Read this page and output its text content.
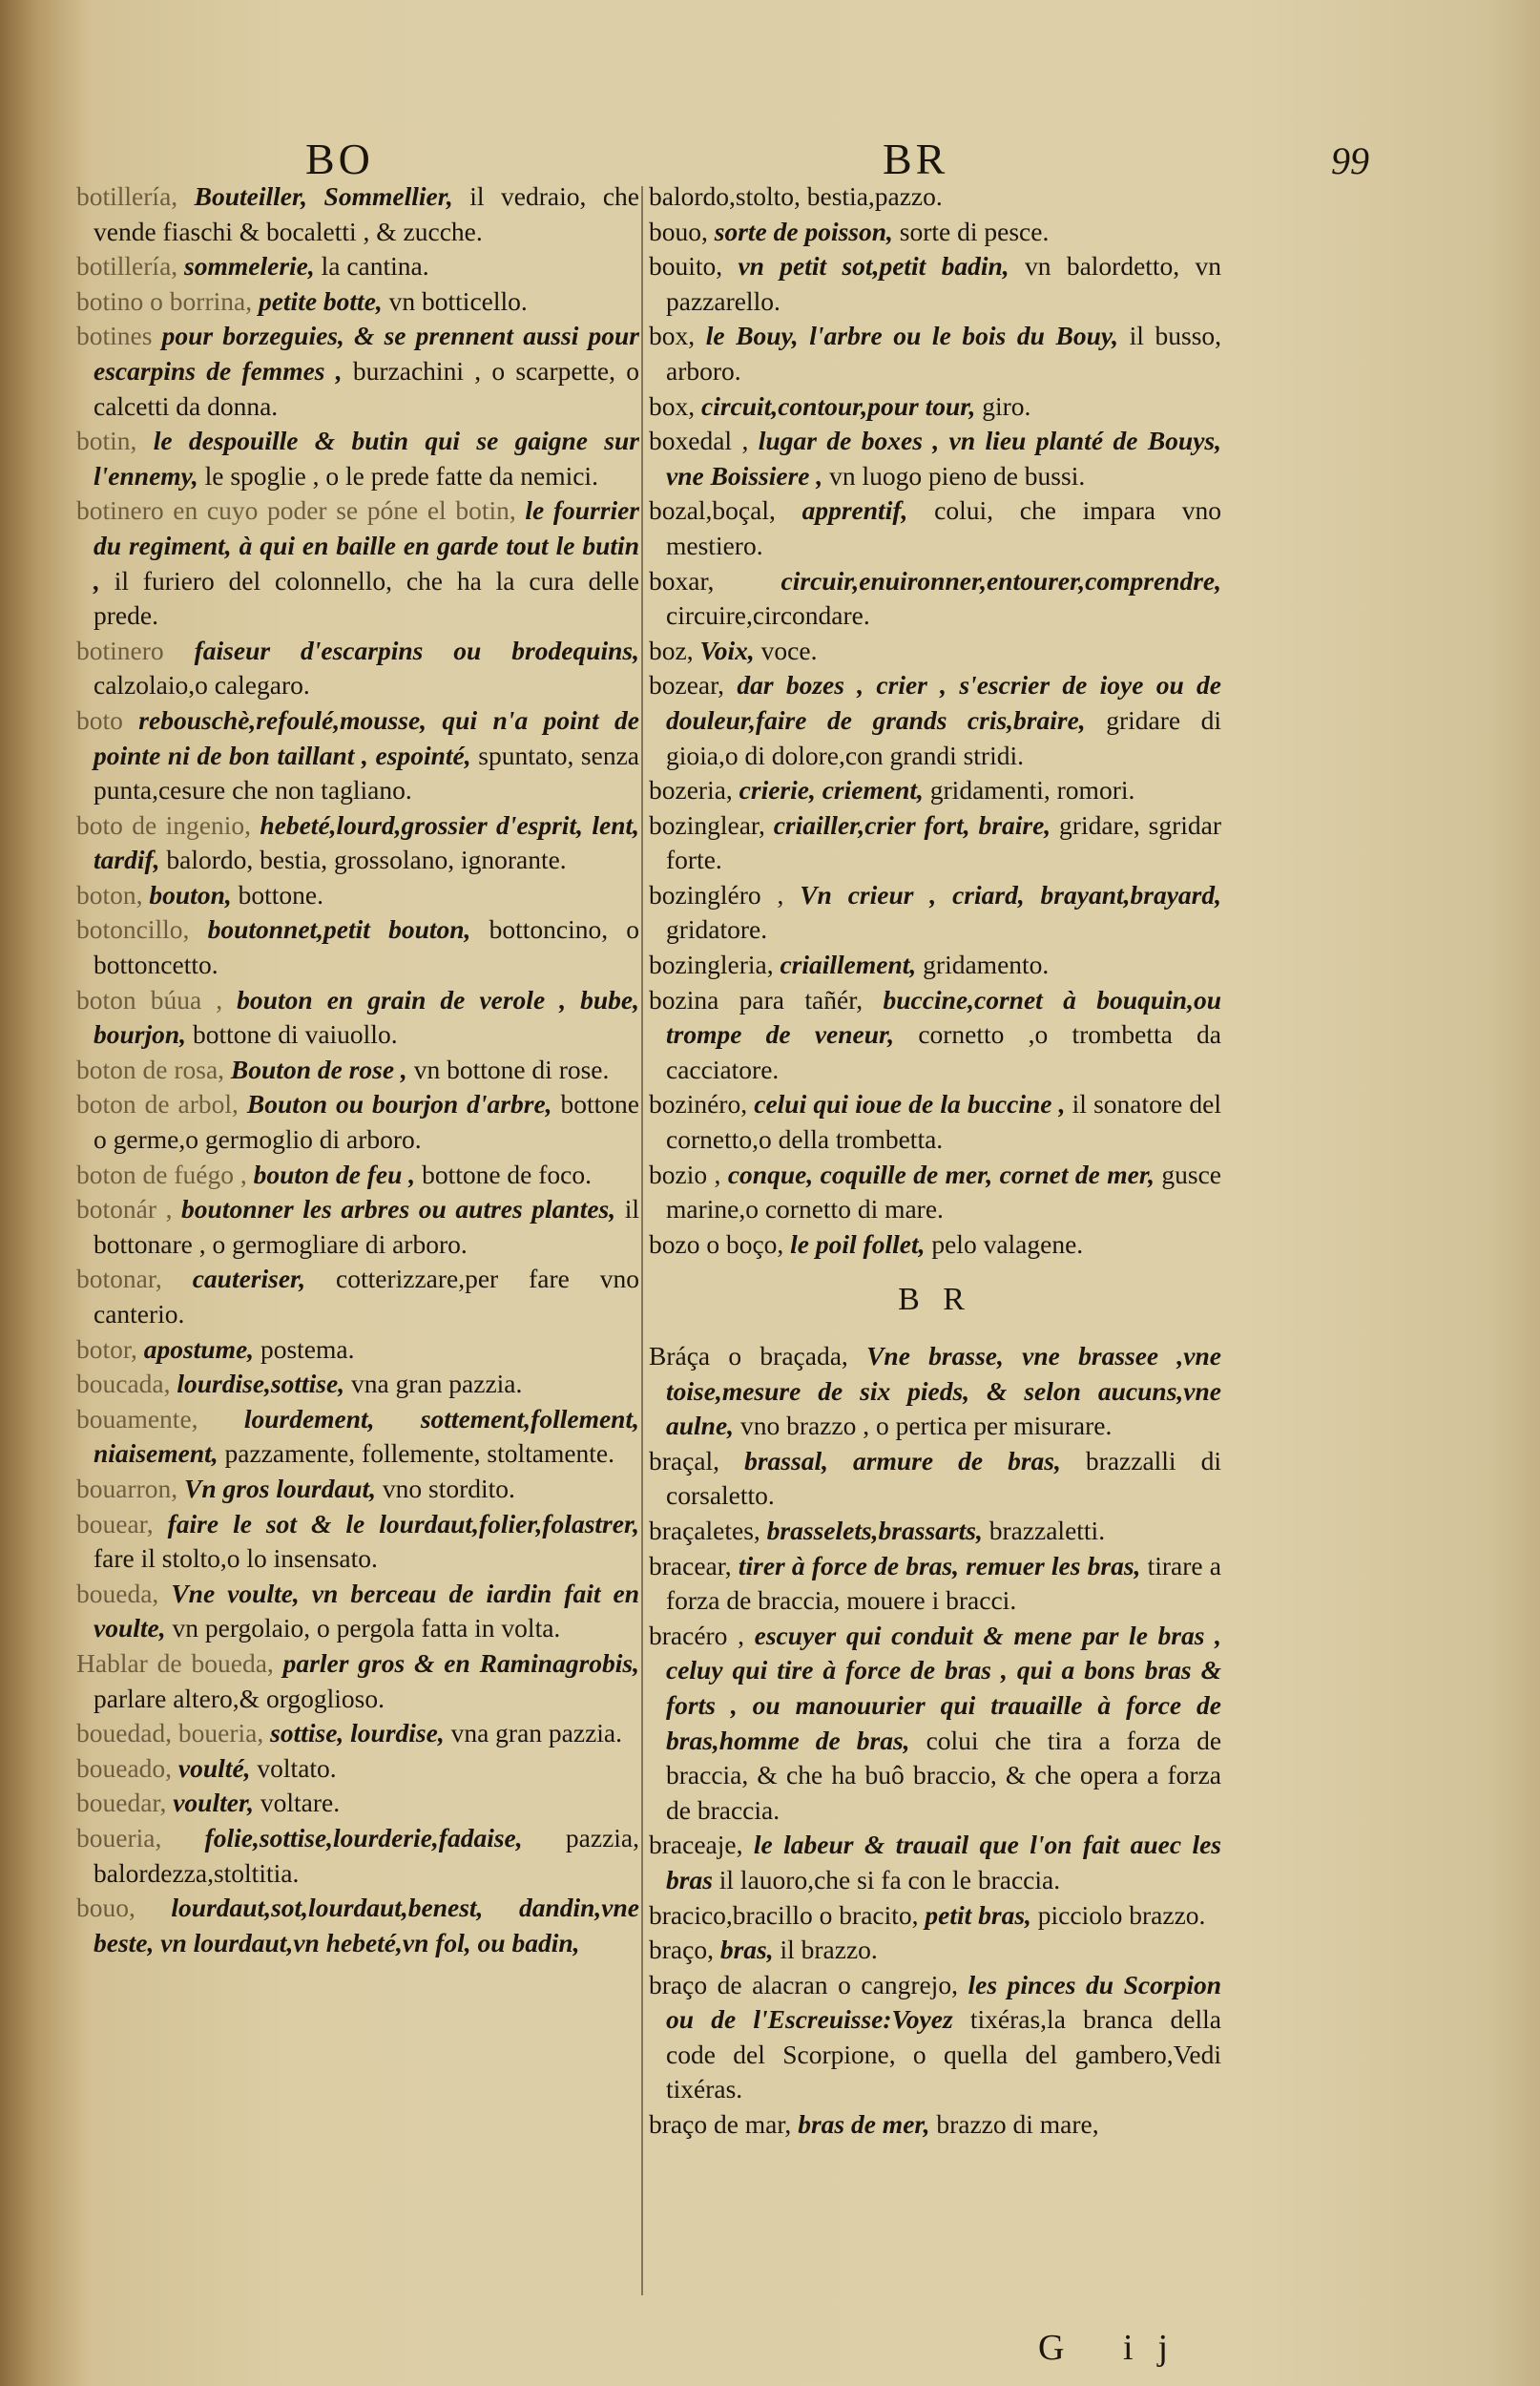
BO	BR	99
botillería, Bouteiller, Sommellier, il vedraio, che vende fiaschi & bocaletti , & zucche.
botillería, sommelerie, la cantina.
botino o borrina, petite botte, vn botticello.
botines pour borzeguies, & se prennent aussi pour escarpins de femmes , burzachini , o scarpette, o calcetti da donna.
botin, le despouille & butin qui se gaigne sur l'ennemy, le spoglie , o le prede fatte da nemici.
botinero en cuyo poder se póne el botin, le fourrier du regiment, à qui en baille en garde tout le butin , il furiero del colonnello, che ha la cura delle prede.
botinero faiseur d'escarpins ou brodequins, calzolaio,o calegaro.
boto rebouschè,refoulé,mousse, qui n'a point de pointe ni de bon taillant , espointé, spuntato, senza punta,cesure che non tagliano.
boto de ingenio, hebeté,lourd,grossier d'esprit, lent, tardif, balordo, bestia, grossolano, ignorante.
boton, bouton, bottone.
botoncillo, boutonnet,petit bouton, bottoncino, o bottoncetto.
boton búua , bouton en grain de verole , bube, bourjon, bottone di vaiuollo.
boton de rosa, Bouton de rose , vn bottone di rose.
boton de arbol, Bouton ou bourjon d'arbre, bottone o germe,o germoglio di arboro.
boton de fuégo , bouton de feu , bottone de foco.
botonár , boutonner les arbres ou autres plantes, il bottonare , o germogliare di arboro.
botonar, cauteriser, cotterizzare,per fare vno canterio.
botor, apostume, postema.
boucada, lourdise,sottise, vna gran pazzia.
bouamente, lourdement, sottement,follement, niaisement, pazzamente, follemente, stoltamente.
bouarron, Vn gros lourdaut, vno stordito.
bouear, faire le sot & le lourdaut,folier,folastrer, fare il stolto,o lo insensato.
boueda, Vne voulte, vn berceau de iardin fait en voulte, vn pergolaio, o pergola fatta in volta.
Hablar de boueda, parler gros & en Raminagrobis, parlare altero,& orgoglioso.
bouedad, boueria, sottise, lourdise, vna gran pazzia.
boueado, voulté, voltato.
bouedar, voulter, voltare.
boueria, folie,sottise,lourderie,fadaise, pazzia, balordezza,stoltitia.
bouo, lourdaut,sot,lourdaut,benest, dandin,vne beste, vn lourdaut,vn hebeté,vn fol, ou badin,
balordo,stolto, bestia,pazzo.
bouo, sorte de poisson, sorte di pesce.
bouito, vn petit sot,petit badin, vn balordetto, vn pazzarello.
box, le Bouy, l'arbre ou le bois du Bouy, il busso, arboro.
box, circuit,contour,pour tour, giro.
boxedal , lugar de boxes , vn lieu planté de Bouys, vne Boissiere , vn luogo pieno de bussi.
bozal,boçal, apprentif, colui, che impara vno mestiero.
boxar,	circuir,enuironner,entourer,comprendre, circuire,circondare.
boz, Voix, voce.
bozear, dar bozes , crier , s'escrier de ioye ou de douleur,faire de grands cris,braire, gridare di gioia,o di dolore,con grandi stridi.
bozeria, crierie, criement, gridamenti, romori.
bozinglear, criailler,crier fort, braire, gridare, sgridar forte.
bozingléro , Vn crieur , criard, brayant,brayard, gridatore.
bozingleria, criaillement, gridamento.
bozina para tañér, buccine,cornet à bouquin,ou trompe de veneur, cornetto ,o trombetta da cacciatore.
bozinéro, celui qui ioue de la buccine , il sonatore del cornetto,o della trombetta.
bozio , conque, coquille de mer, cornet de mer, gusce marine,o cornetto di mare.
bozo o boço, le poil follet, pelo valagene.
B R
Bráça o braçada, Vne brasse, vne brassee ,vne toise,mesure de six pieds, & selon aucuns,vne aulne, vno brazzo , o pertica per misurare.
braçal, brassal, armure de bras, brazzalli di corsaletto.
braçaletes, brasselets,brassarts, brazzaletti.
bracear, tirer à force de bras, remuer les bras, tirare a forza de braccia, mouere i bracci.
bracéro , escuyer qui conduit & mene par le bras , celuy qui tire à force de bras , qui a bons bras & forts , ou manouurier qui trauaille à force de bras,homme de bras, colui che tira a forza de braccia, & che ha buô braccio, & che opera a forza de braccia.
braceaje, le labeur & trauail que l'on fait auec les bras il lauoro,che si fa con le braccia.
bracico,bracillo o bracito, petit bras, picciolo brazzo.
braço, bras, il brazzo.
braço de alacran o cangrejo, les pinces du Scorpion ou de l'Escreuisse:Voyez tixéras,la branca della code del Scorpione, o quella del gambero,Vedi tixéras.
braço de mar, bras de mer, brazzo di mare,
G ij
